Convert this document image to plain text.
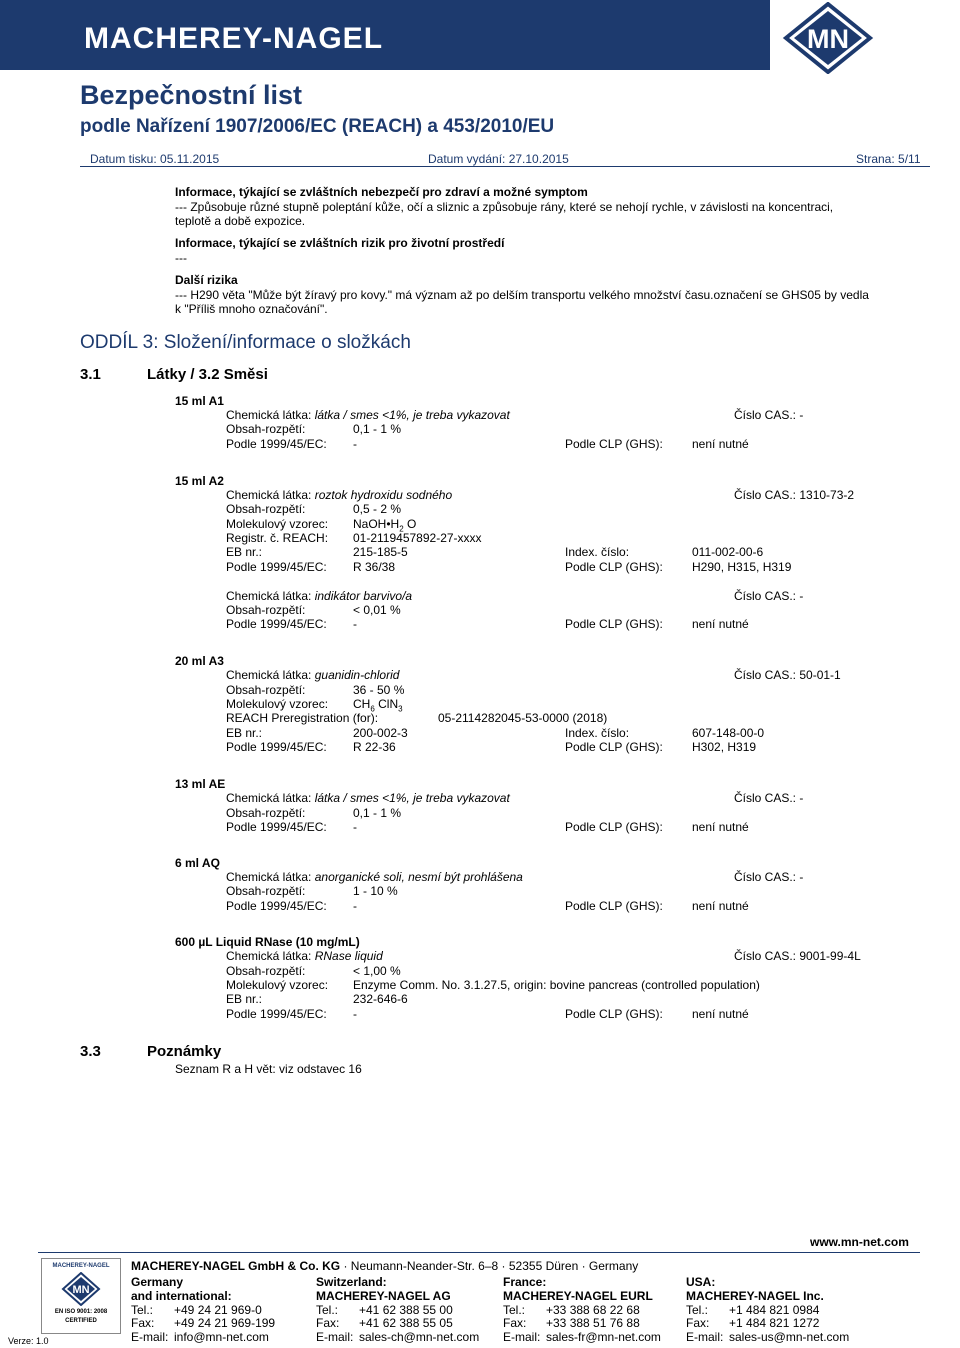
MACHEREY-NAGEL	MN
Bezpečnostní list
podle Nařízení 1907/2006/EC (REACH) a 453/2010/EU
Datum tisku: 05.11.2015	Datum vydání: 27.10.2015	Strana: 5/11
Informace, týkající se zvláštních nebezpečí pro zdraví a možné symptom
--- Způsobuje různé stupně poleptání kůže, očí a sliznic a způsobuje rány, které se nehojí rychle, v závislosti na koncentraci,
teplotě a době expozice.
Informace, týkající se zvláštních rizik pro životní prostředí
---
Další rizika
--- H290 věta "Může být žíravý pro kovy." má význam až po delším transportu velkého množství času.označení se GHS05 by vedla
k "Příliš mnoho označování".
ODDÍL 3: Složení/informace o složkách
3.1	Látky / 3.2 Směsi
15 ml A1
Chemická látka: látka / smes <1%, je treba vykazovat	Číslo CAS.: -
Obsah-rozpětí:	0,1 - 1 %
Podle 1999/45/EC: -	Podle CLP (GHS): není nutné
15 ml A2
Chemická látka: roztok hydroxidu sodného	Číslo CAS.: 1310-73-2
Obsah-rozpětí:	0,5 - 2 %
Molekulový vzorec: $NaOH•H_2$ O
Registr. č. REACH: 01-2119457892-27-xxxx
EB nr.:	215-185-5	Index. číslo:	011-002-00-6
Podle 1999/45/EC: R 36/38	Podle CLP (GHS): H290, H315, H319
Chemická látka: indikátor barvivo/a	Číslo CAS.: -
Obsah-rozpětí:	< 0,01 %
Podle 1999/45/EC: -	Podle CLP (GHS): není nutné
20 ml A3
Chemická látka: guanidin-chlorid	Číslo CAS.: 50-01-1
Obsah-rozpětí:	36 - 50 %
Molekulový vzorec: $CH_6$ ClN$_3$
REACH Preregistration (for):	05-2114282045-53-0000 (2018)
EB nr.:	200-002-3	Index. číslo:	607-148-00-0
Podle 1999/45/EC: R 22-36	Podle CLP (GHS): H302, H319
13 ml AE
Chemická látka: látka / smes <1%, je treba vykazovat	Číslo CAS.: -
Obsah-rozpětí:	0,1 - 1 %
Podle 1999/45/EC: -	Podle CLP (GHS): není nutné
6 ml AQ
Chemická látka: anorganické soli, nesmí být prohlášena	Číslo CAS.: -
Obsah-rozpětí:	1 - 10 %
Podle 1999/45/EC: -	Podle CLP (GHS): není nutné
600 µL Liquid RNase (10 mg/mL)
Chemická látka: RNase liquid	Číslo CAS.: 9001-99-4L
Obsah-rozpětí:	< 1,00 %
Molekulový vzorec: Enzyme Comm. No. 3.1.27.5, origin: bovine pancreas (controlled population)
EB nr.:	232-646-6
Podle 1999/45/EC: -	Podle CLP (GHS): není nutné
3.3	Poznámky
Seznam R a H vět: viz odstavec 16
www.mn-net.com
MACHEREY-NAGEL
MN
EN ISO 9001: 2008
CERTIFIED
Verze: 1.0
MACHEREY-NAGEL GmbH & Co. KG · Neumann-Neander-Str. 6–8 · 52355 Düren · Germany
Germany
and international:
Tel.: +49 24 21 969-0
Fax: +49 24 21 969-199
E-mail: info@mn-net.com
Switzerland:
MACHEREY-NAGEL AG
Tel.: +41 62 388 55 00
Fax: +41 62 388 55 05
E-mail: sales-ch@mn-net.com
France:
MACHEREY-NAGEL EURL
Tel.: +33 388 68 22 68
Fax: +33 388 51 76 88
E-mail: sales-fr@mn-net.com
USA:
MACHEREY-NAGEL Inc.
Tel.: +1 484 821 0984
Fax: +1 484 821 1272
E-mail: sales-us@mn-net.com
